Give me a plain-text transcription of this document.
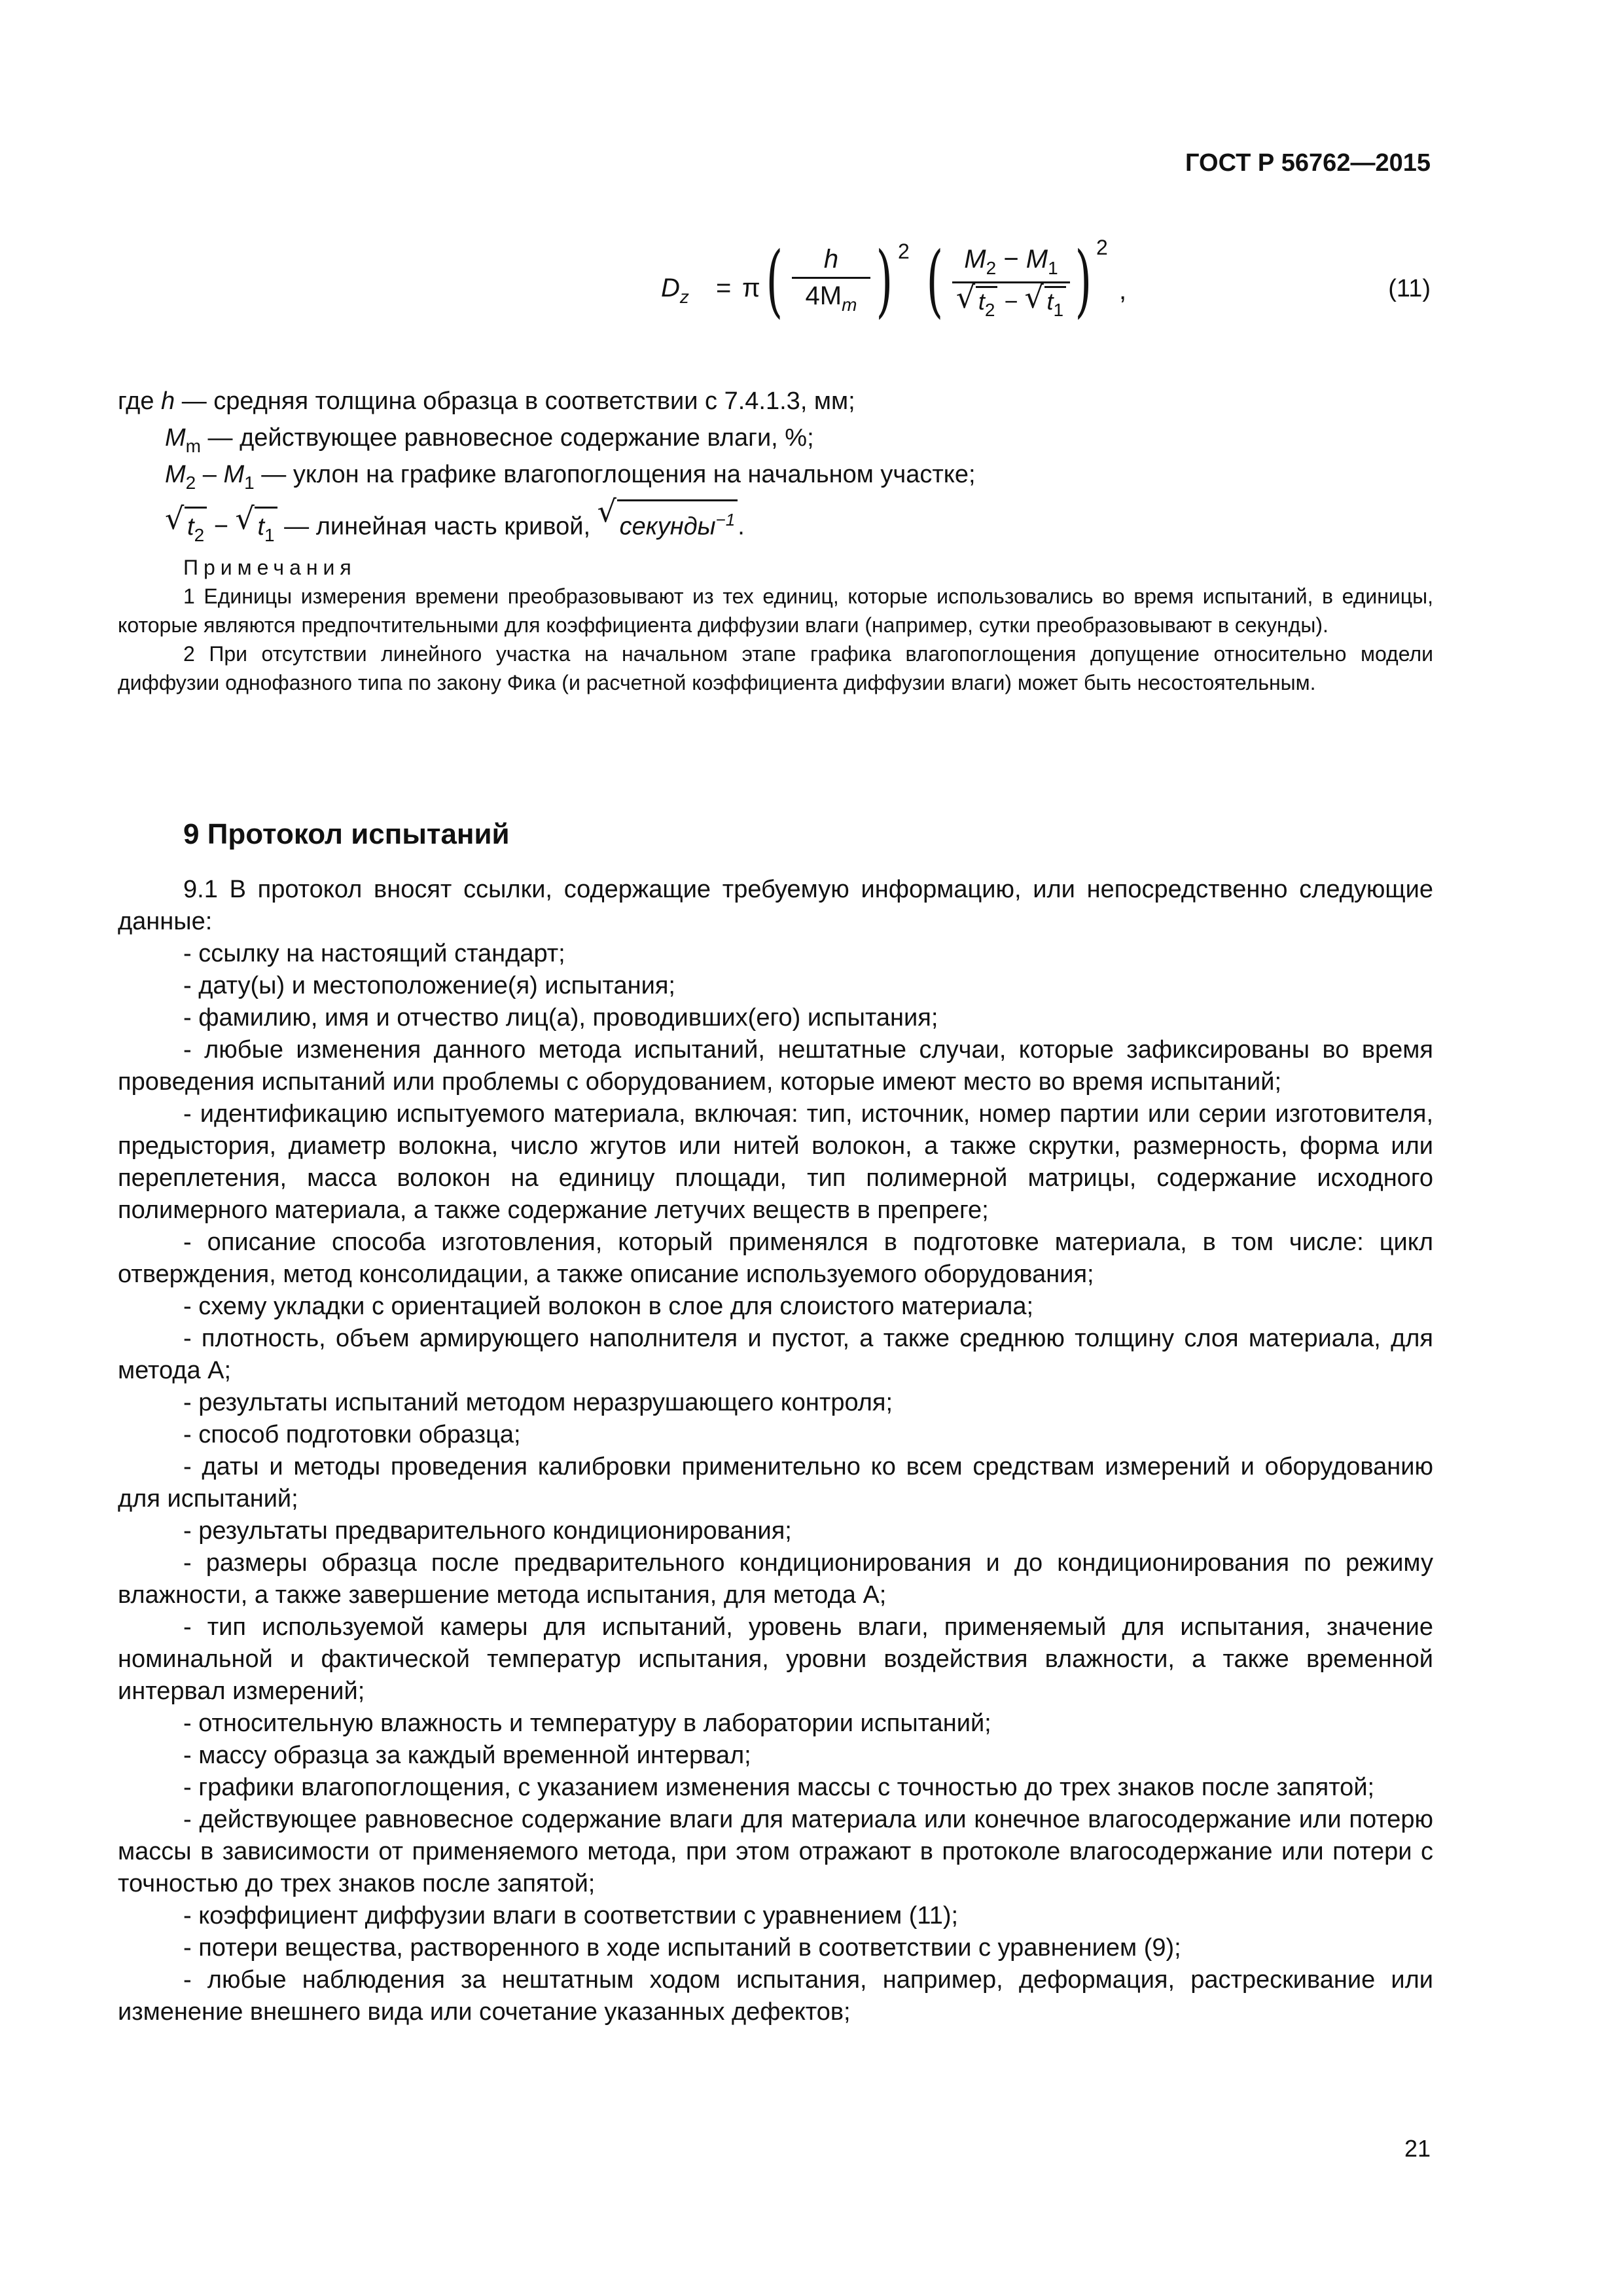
ГОСТ Р 56762—2015
$D_z = \pi$ (	h
$4M_m$ ) 2 ( $M_2 - M_1$
√ $t_2$ − √ $t_1$ ) 2
,	(11)
где h — средняя толщина образца в соответствии с 7.4.1.3, мм;
$M_m$ — действующее равновесное содержание влаги, %;
$M_2 - M_1$ — уклон на графике влагопоглощения на начальном участке;
√ $t_2$ − √ $t_1$ — линейная часть кривой, √ секунды$^{-1}$ .
Примечания

1 Единицы измерения времени преобразовывают из тех единиц, которые использовались во время испытаний, в единицы, которые являются предпочтительными для коэффициента диффузии влаги (например, сутки преобразовывают в секунды).

2 При отсутствии линейного участка на начальном этапе графика влагопоглощения допущение относительно модели диффузии однофазного типа по закону Фика (и расчетной коэффициента диффузии влаги) может быть несостоятельным.

9 Протокол испытаний

9.1 В протокол вносят ссылки, содержащие требуемую информацию, или непосредственно следующие данные:

- ссылку на настоящий стандарт;

- дату(ы) и местоположение(я) испытания;

- фамилию, имя и отчество лиц(а), проводивших(его) испытания;

- любые изменения данного метода испытаний, нештатные случаи, которые зафиксированы во время проведения испытаний или проблемы с оборудованием, которые имеют место во время испытаний;

- идентификацию испытуемого материала, включая: тип, источник, номер партии или серии изготовителя, предыстория, диаметр волокна, число жгутов или нитей волокон, а также скрутки, размерность, форма или переплетения, масса волокон на единицу площади, тип полимерной матрицы, содержание исходного полимерного материала, а также содержание летучих веществ в препреге;

- описание способа изготовления, который применялся в подготовке материала, в том числе: цикл отверждения, метод консолидации, а также описание используемого оборудования;

- схему укладки с ориентацией волокон в слое для слоистого материала;

- плотность, объем армирующего наполнителя и пустот, а также среднюю толщину слоя материала, для метода А;

- результаты испытаний методом неразрушающего контроля;

- способ подготовки образца;

- даты и методы проведения калибровки применительно ко всем средствам измерений и оборудованию для испытаний;

- результаты предварительного кондиционирования;

- размеры образца после предварительного кондиционирования и до кондиционирования по режиму влажности, а также завершение метода испытания, для метода А;

- тип используемой камеры для испытаний, уровень влаги, применяемый для испытания, значение номинальной и фактической температур испытания, уровни воздействия влажности, а также временной интервал измерений;

- относительную влажность и температуру в лаборатории испытаний;

- массу образца за каждый временной интервал;

- графики влагопоглощения, с указанием изменения массы с точностью до трех знаков после запятой;

- действующее равновесное содержание влаги для материала или конечное влагосодержание или потерю массы в зависимости от применяемого метода, при этом отражают в протоколе влагосодержание или потери с точностью до трех знаков после запятой;

- коэффициент диффузии влаги в соответствии с уравнением (11);

- потери вещества, растворенного в ходе испытаний в соответствии с уравнением (9);

- любые наблюдения за нештатным ходом испытания, например, деформация, растрескивание или изменение внешнего вида или сочетание указанных дефектов;

21
